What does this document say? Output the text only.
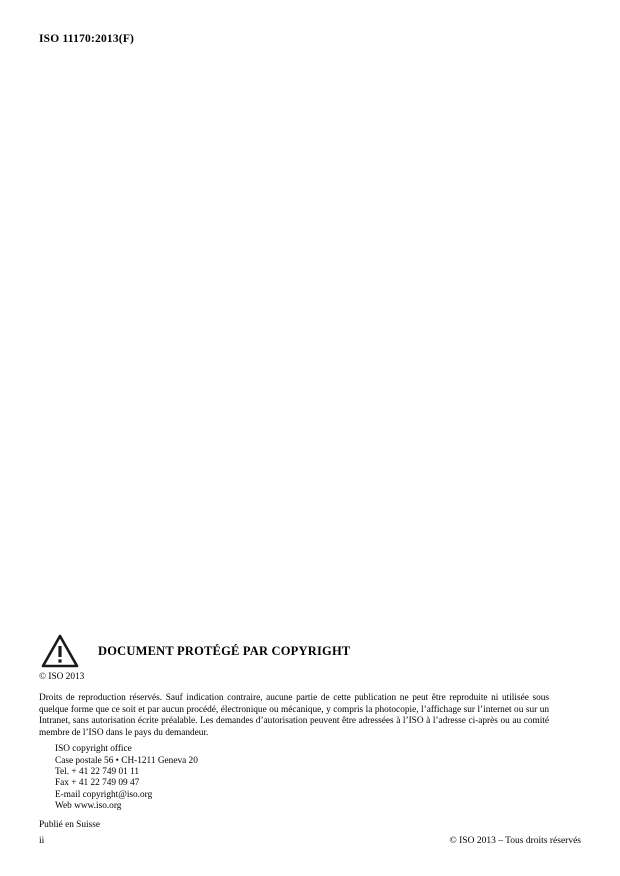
ISO 11170:2013(F)
DOCUMENT PROTÉGÉ PAR COPYRIGHT
© ISO 2013
Droits de reproduction réservés. Sauf indication contraire, aucune partie de cette publication ne peut être reproduite ni utilisée sous quelque forme que ce soit et par aucun procédé, électronique ou mécanique, y compris la photocopie, l’affichage sur l’internet ou sur un Intranet, sans autorisation écrite préalable. Les demandes d’autorisation peuvent être adressées à l’ISO à l’adresse ci-après ou au comité membre de l’ISO dans le pays du demandeur.
ISO copyright office
Case postale 56 • CH-1211 Geneva 20
Tel. + 41 22 749 01 11
Fax + 41 22 749 09 47
E-mail copyright@iso.org
Web www.iso.org
Publié en Suisse
ii	© ISO 2013 – Tous droits réservés
